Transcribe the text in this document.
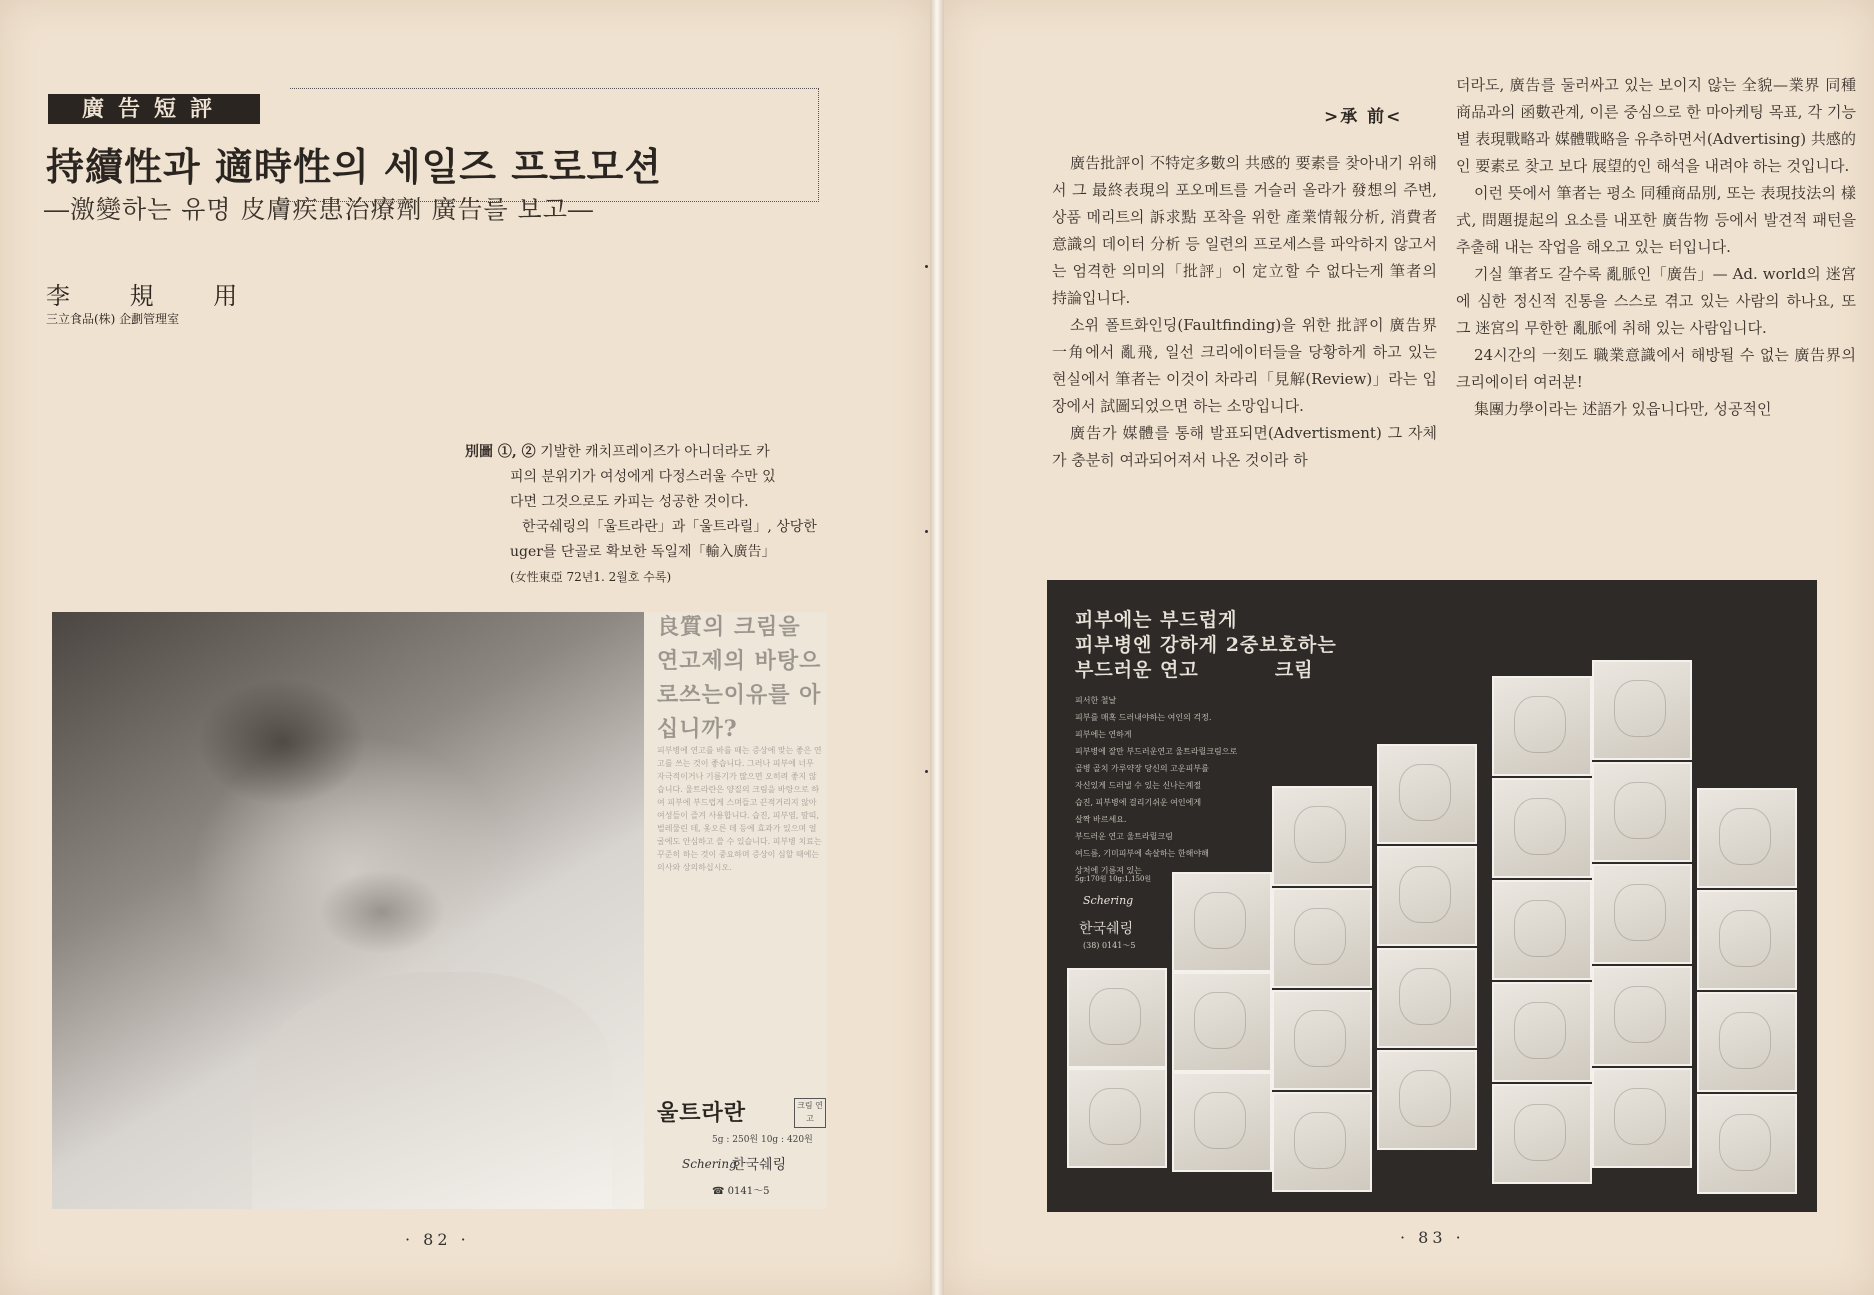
廣告短評
持續性과 適時性의 세일즈 프로모션
―激變하는 유명 皮膚疾患治療劑 廣告를 보고―
李 規 用
三立食品(株) 企劃管理室

別圖 ①, ② 기발한 캐치프레이즈가 아니더라도 카

피의 분위기가 여성에게 다정스러울 수만 있

다면 그것으로도 카피는 성공한 것이다.

한국쉐링의「울트라란」과「울트라릴」, 상당한 uger를 단골로 확보한 독일제「輸入廣告」

(女性東亞 72년1. 2월호 수록)

良質의 크림을 연고제의 바탕으로쓰는이유를 아십니까?
피부병에 연고를 바를 때는 증상에 맞는 좋은 연고를 쓰는 것이 좋습니다. 그러나 피부에 너무 자극적이거나 기름기가 많으면 오히려 좋지 않습니다. 울트라란은 양질의 크림을 바탕으로 하여 피부에 부드럽게 스며들고 끈적거리지 않아 여성들이 즐겨 사용합니다. 습진, 피부염, 땀띠, 벌레물린 데, 옻오른 데 등에 효과가 있으며 얼굴에도 안심하고 쓸 수 있습니다. 피부병 치료는 꾸준히 하는 것이 중요하며 증상이 심할 때에는 의사와 상의하십시오.
울트라란	크림 연고
5g : 250원 10g : 420원
Schering
한국쉐링
☎ 0141～5
· 82 ·
>承 前<

廣告批評이 不特定多數의 共感的 要素를 찾아내기 위해서 그 最終表現의 포오메트를 거슬러 올라가 發想의 주변, 상품 메리트의 訴求點 포착을 위한 產業情報分析, 消費者意識의 데이터 分析 등 일련의 프로세스를 파악하지 않고서는 엄격한 의미의「批評」이 定立할 수 없다는게 筆者의 持論입니다.

소위 폴트화인딩(Faultfinding)을 위한 批評이 廣告界 一角에서 亂飛, 일선 크리에이터들을 당황하게 하고 있는 현실에서 筆者는 이것이 차라리「見解(Review)」라는 입장에서 試圖되었으면 하는 소망입니다.

廣告가 媒體를 통해 발표되면(Advertisment) 그 자체가 충분히 여과되어져서 나온 것이라 하

더라도, 廣告를 둘러싸고 있는 보이지 않는 全貌—業界 同種商品과의 函數관계, 이른 중심으로 한 마아케팅 목표, 각 기능별 表現戰略과 媒體戰略을 유추하면서(Advertising) 共感的인 要素로 찾고 보다 展望的인 해석을 내려야 하는 것입니다.

이런 뜻에서 筆者는 평소 同種商品別, 또는 表現技法의 樣式, 問題提起의 요소를 내포한 廣告物 등에서 발견적 패턴을 추출해 내는 작업을 해오고 있는 터입니다.

기실 筆者도 갈수록 亂脈인「廣告」— Ad. world의 迷宮에 심한 정신적 진통을 스스로 겪고 있는 사람의 하나요, 또 그 迷宮의 무한한 亂脈에 취해 있는 사람입니다.

24시간의 一刻도 職業意識에서 해방될 수 없는 廣告界의 크리에이터 여러분!

集團力學이라는 述語가 있읍니다만, 성공적인

피부에는 부드럽게
피부병엔 강하게 2중보호하는
부드러운 연고          크림
피서한 철날
피부를 매혹 드러내야하는 여인의 걱정.
피부에는 연하게
피부병에 잘만 부드러운연고 울트라릴크림으로
골병 골치 가루약장 당신의 고운피부를
자신있게 드러낼 수 있는 신나는계절
습진, 피부병에 걸리기쉬운 여인에게
살짝 바르세요.
부드러운 연고 울트라릴크림
여드름, 기미피부에 속살하는 한해야해
상처에 기름져 있는
5g:170원 10g:1,150원
Schering
한국쉐링
(38) 0141～5
· 83 ·
